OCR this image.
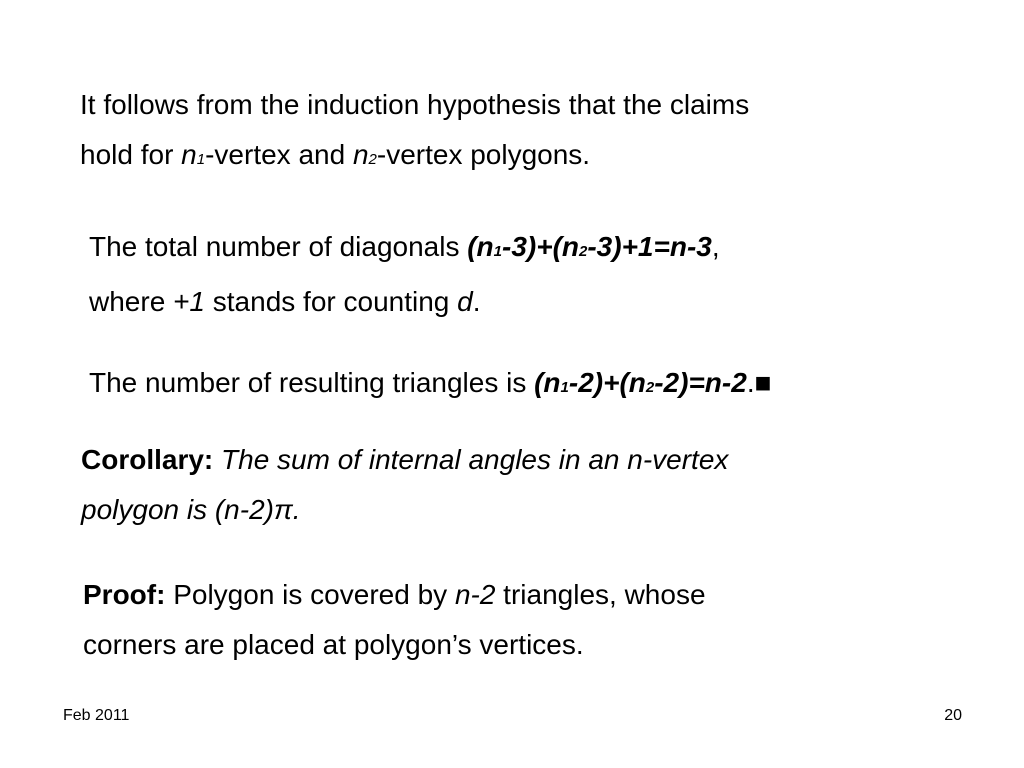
It follows from the induction hypothesis that the claims
hold for n1-vertex and n2-vertex polygons.
The total number of diagonals (n1-3)+(n2-3)+1=n-3,
where +1 stands for counting d.
The number of resulting triangles is (n1-2)+(n2-2)=n-2.■
Corollary: The sum of internal angles in an n-vertex
polygon is (n-2)π.
Proof: Polygon is covered by n-2 triangles, whose
corners are placed at polygon’s vertices.
Feb 2011	20
